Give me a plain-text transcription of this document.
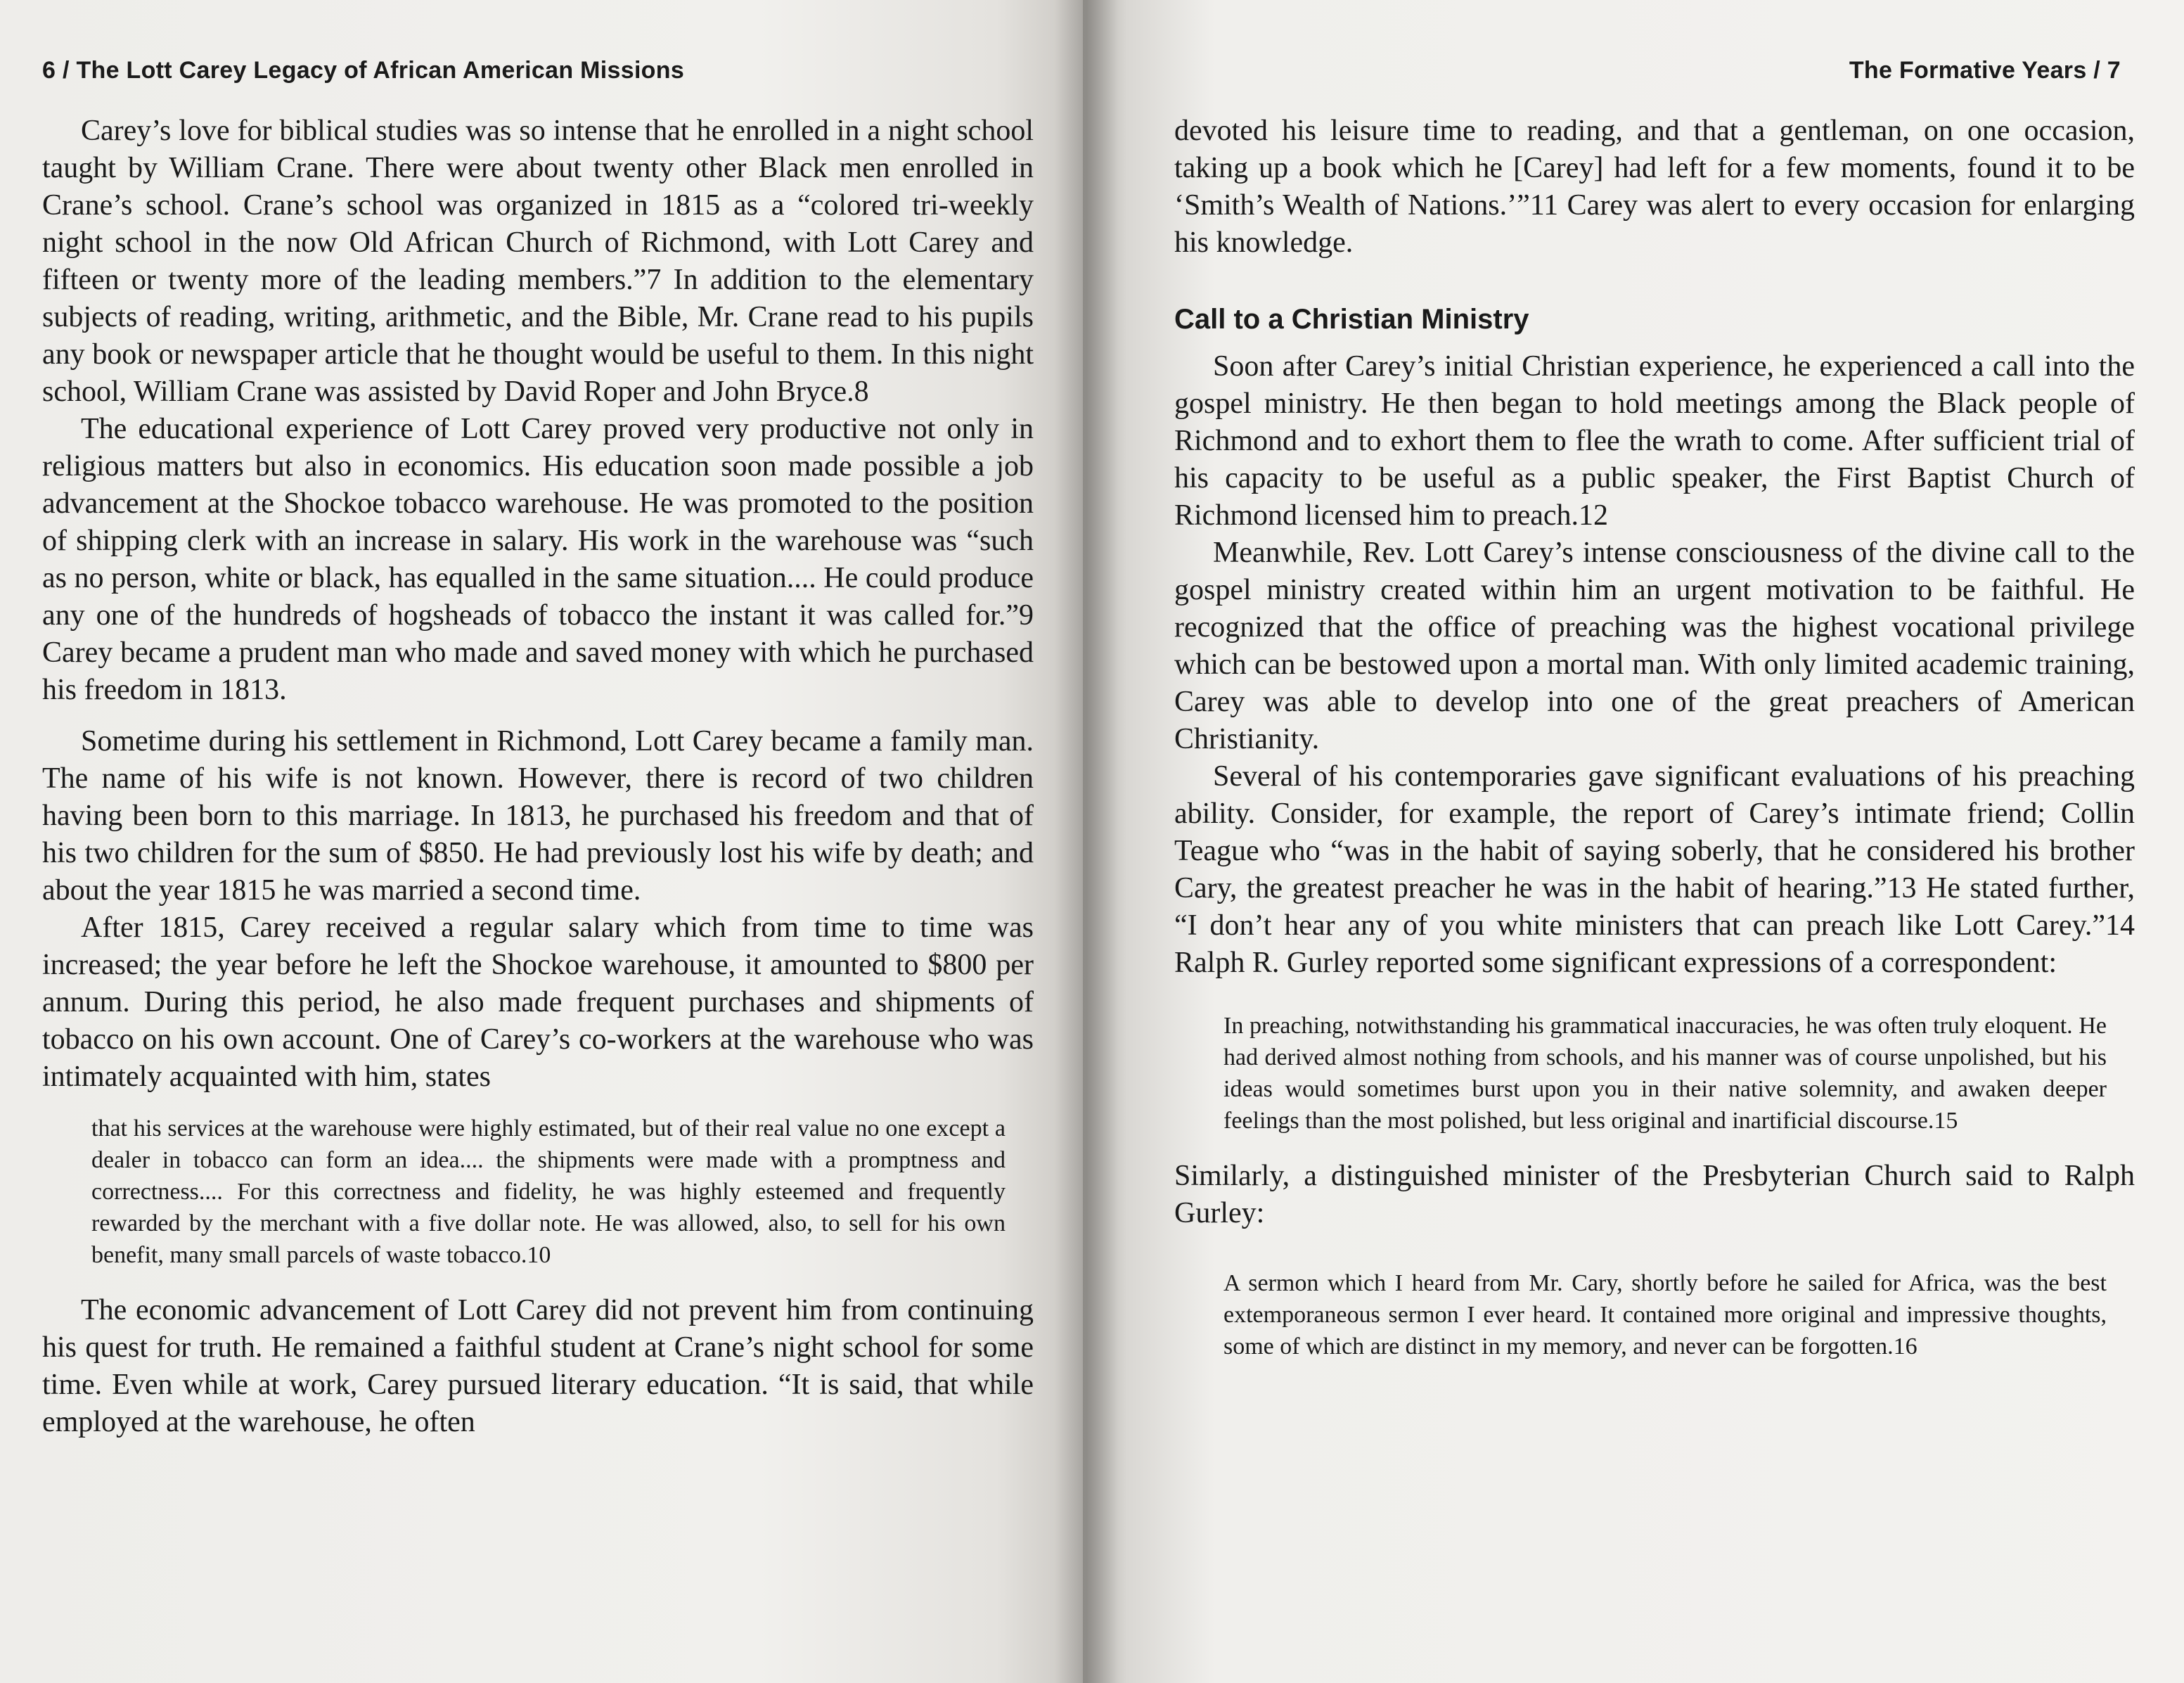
6 / The Lott Carey Legacy of African American Missions

Carey’s love for biblical studies was so intense that he enrolled in a night school taught by William Crane. There were about twenty other Black men enrolled in Crane’s school. Crane’s school was organized in 1815 as a “colored tri-weekly night school in the now Old African Church of Richmond, with Lott Carey and fifteen or twenty more of the leading members.”7 In addition to the elementary subjects of reading, writing, arithmetic, and the Bible, Mr. Crane read to his pupils any book or newspaper article that he thought would be useful to them. In this night school, William Crane was assisted by David Roper and John Bryce.8

The educational experience of Lott Carey proved very productive not only in religious matters but also in economics. His education soon made possible a job advancement at the Shockoe tobacco warehouse. He was promoted to the position of shipping clerk with an increase in salary. His work in the warehouse was “such as no person, white or black, has equalled in the same situation.... He could produce any one of the hundreds of hogsheads of tobacco the instant it was called for.”9 Carey became a prudent man who made and saved money with which he purchased his freedom in 1813.

Sometime during his settlement in Richmond, Lott Carey became a family man. The name of his wife is not known. However, there is record of two children having been born to this marriage. In 1813, he purchased his freedom and that of his two children for the sum of $850. He had previously lost his wife by death; and about the year 1815 he was married a second time.

After 1815, Carey received a regular salary which from time to time was increased; the year before he left the Shockoe warehouse, it amounted to $800 per annum. During this period, he also made frequent purchases and shipments of tobacco on his own account. One of Carey’s co-workers at the warehouse who was intimately acquainted with him, states

that his services at the warehouse were highly estimated, but of their real value no one except a dealer in tobacco can form an idea.... the shipments were made with a promptness and correctness.... For this correctness and fidelity, he was highly esteemed and frequently rewarded by the merchant with a five dollar note. He was allowed, also, to sell for his own benefit, many small parcels of waste tobacco.10

The economic advancement of Lott Carey did not prevent him from continuing his quest for truth. He remained a faithful student at Crane’s night school for some time. Even while at work, Carey pursued literary education. “It is said, that while employed at the warehouse, he often

The Formative Years / 7

devoted his leisure time to reading, and that a gentleman, on one occasion, taking up a book which he [Carey] had left for a few moments, found it to be ‘Smith’s Wealth of Nations.’”11 Carey was alert to every occasion for enlarging his knowledge.

Call to a Christian Ministry

Soon after Carey’s initial Christian experience, he experienced a call into the gospel ministry. He then began to hold meetings among the Black people of Richmond and to exhort them to flee the wrath to come. After sufficient trial of his capacity to be useful as a public speaker, the First Baptist Church of Richmond licensed him to preach.12

Meanwhile, Rev. Lott Carey’s intense consciousness of the divine call to the gospel ministry created within him an urgent motivation to be faithful. He recognized that the office of preaching was the highest vocational privilege which can be bestowed upon a mortal man. With only limited academic training, Carey was able to develop into one of the great preachers of American Christianity.

Several of his contemporaries gave significant evaluations of his preaching ability. Consider, for example, the report of Carey’s intimate friend; Collin Teague who “was in the habit of saying soberly, that he considered his brother Cary, the greatest preacher he was in the habit of hearing.”13 He stated further, “I don’t hear any of you white ministers that can preach like Lott Carey.”14 Ralph R. Gurley reported some significant expressions of a correspondent:

In preaching, notwithstanding his grammatical inaccuracies, he was often truly eloquent. He had derived almost nothing from schools, and his manner was of course unpolished, but his ideas would sometimes burst upon you in their native solemnity, and awaken deeper feelings than the most polished, but less original and inartificial discourse.15

Similarly, a distinguished minister of the Presbyterian Church said to Ralph Gurley:

A sermon which I heard from Mr. Cary, shortly before he sailed for Africa, was the best extemporaneous sermon I ever heard. It contained more original and impressive thoughts, some of which are distinct in my memory, and never can be forgotten.16
